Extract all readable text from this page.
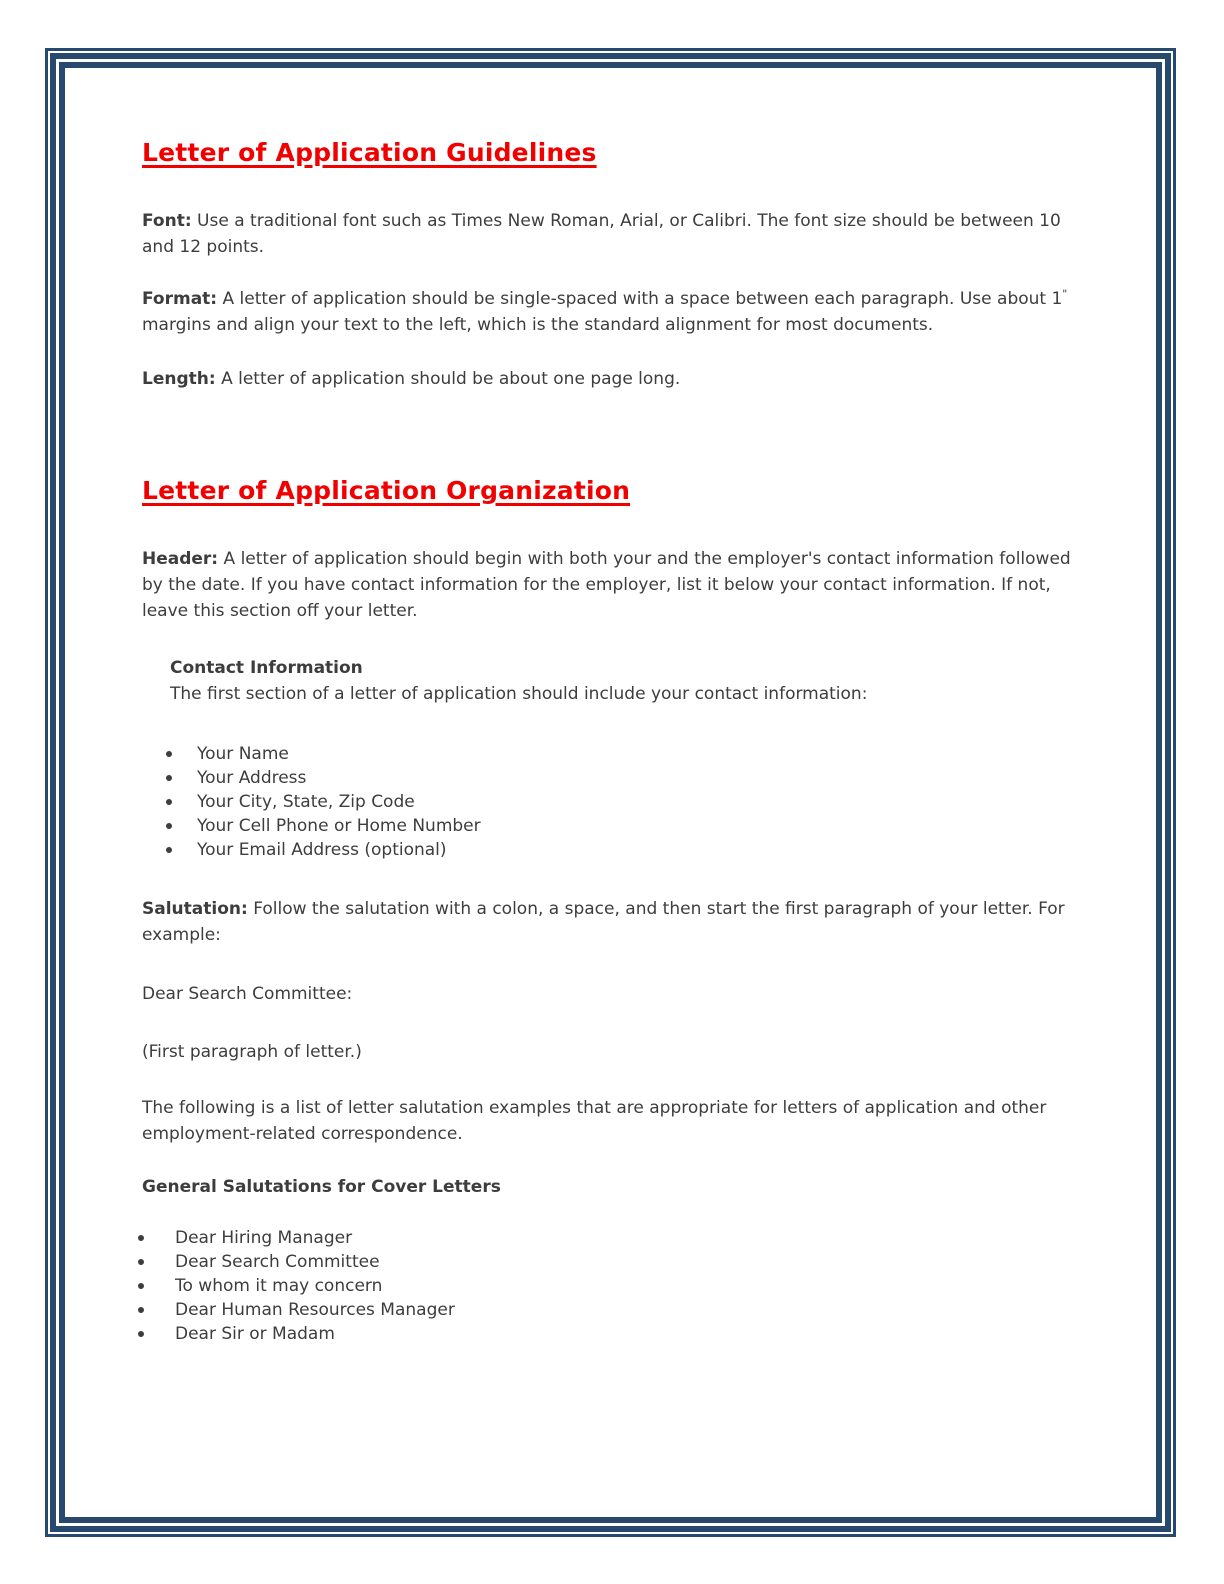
Letter of Application Guidelines

Font: Use a traditional font such as Times New Roman, Arial, or Calibri. The font size should be between 10 and 12 points.

Format: A letter of application should be single-spaced with a space between each paragraph. Use about 1" margins and align your text to the left, which is the standard alignment for most documents.

Length: A letter of application should be about one page long.

Letter of Application Organization

Header: A letter of application should begin with both your and the employer's contact information followed by the date. If you have contact information for the employer, list it below your contact information. If not, leave this section off your letter.

Contact Information

The first section of a letter of application should include your contact information:

Your Name
Your Address
Your City, State, Zip Code
Your Cell Phone or Home Number
Your Email Address (optional)

Salutation: Follow the salutation with a colon, a space, and then start the first paragraph of your letter. For example:

Dear Search Committee:

(First paragraph of letter.)

The following is a list of letter salutation examples that are appropriate for letters of application and other employment-related correspondence.

General Salutations for Cover Letters
Dear Hiring Manager
Dear Search Committee
To whom it may concern
Dear Human Resources Manager
Dear Sir or Madam
